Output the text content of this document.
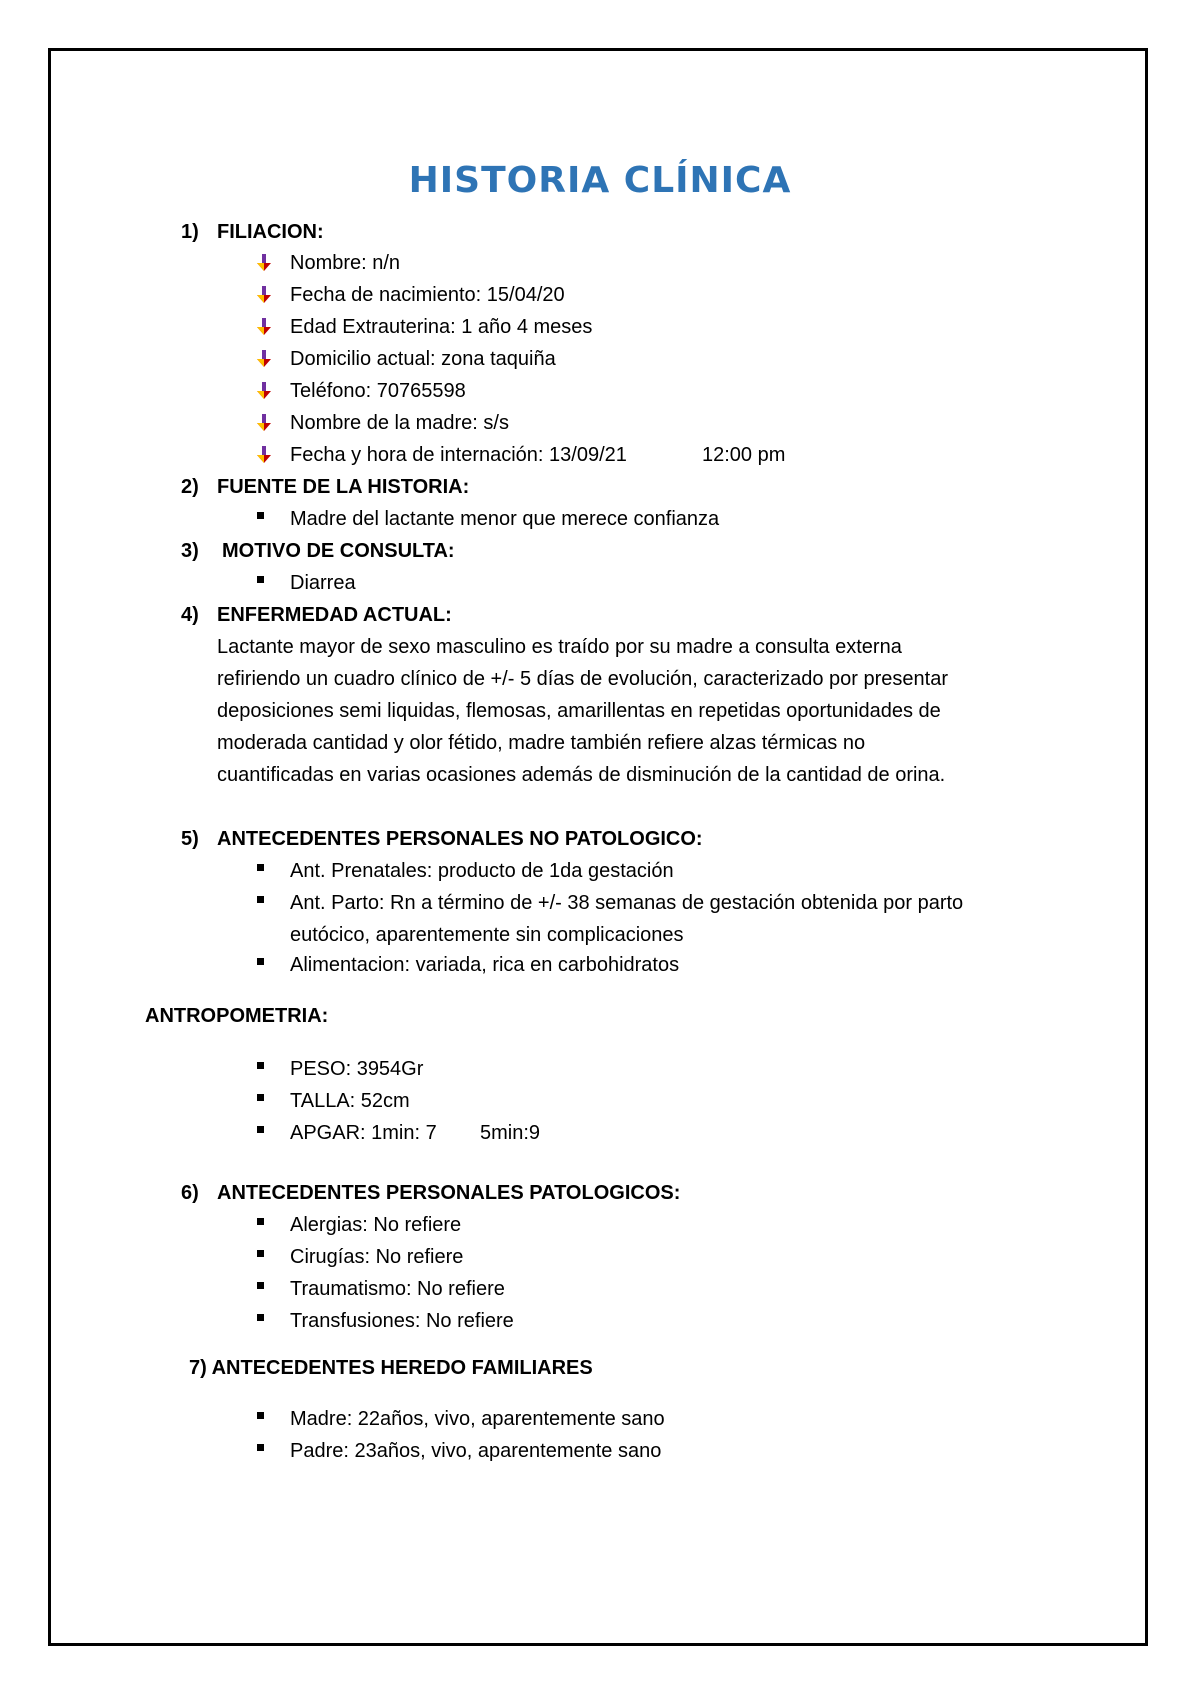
HISTORIA CLÍNICA
1) FILIACION:
Nombre: n/n
Fecha de nacimiento: 15/04/20
Edad Extrauterina: 1 año 4 meses
Domicilio actual: zona taquiña
Teléfono: 70765598
Nombre de la madre: s/s
Fecha y hora de internación: 13/09/21	12:00 pm
2) FUENTE DE LA HISTORIA:
Madre del lactante menor que merece confianza
3) MOTIVO DE CONSULTA:
Diarrea
4) ENFERMEDAD ACTUAL:
Lactante mayor de sexo masculino es traído por su madre a consulta externa
refiriendo un cuadro clínico de +/- 5 días de evolución, caracterizado por presentar
deposiciones semi liquidas, flemosas, amarillentas en repetidas oportunidades de
moderada cantidad y olor fétido, madre también refiere alzas térmicas no
cuantificadas en varias ocasiones además de disminución de la cantidad de orina.
5) ANTECEDENTES PERSONALES NO PATOLOGICO:
Ant. Prenatales: producto de 1da gestación
Ant. Parto: Rn a término de +/- 38 semanas de gestación obtenida por parto
eutócico, aparentemente sin complicaciones
Alimentacion: variada, rica en carbohidratos
ANTROPOMETRIA:
PESO: 3954Gr
TALLA: 52cm
APGAR: 1min: 7 5min:9
6) ANTECEDENTES PERSONALES PATOLOGICOS:
Alergias: No refiere
Cirugías: No refiere
Traumatismo: No refiere
Transfusiones: No refiere
7) ANTECEDENTES HEREDO FAMILIARES
Madre: 22años, vivo, aparentemente sano
Padre: 23años, vivo, aparentemente sano
